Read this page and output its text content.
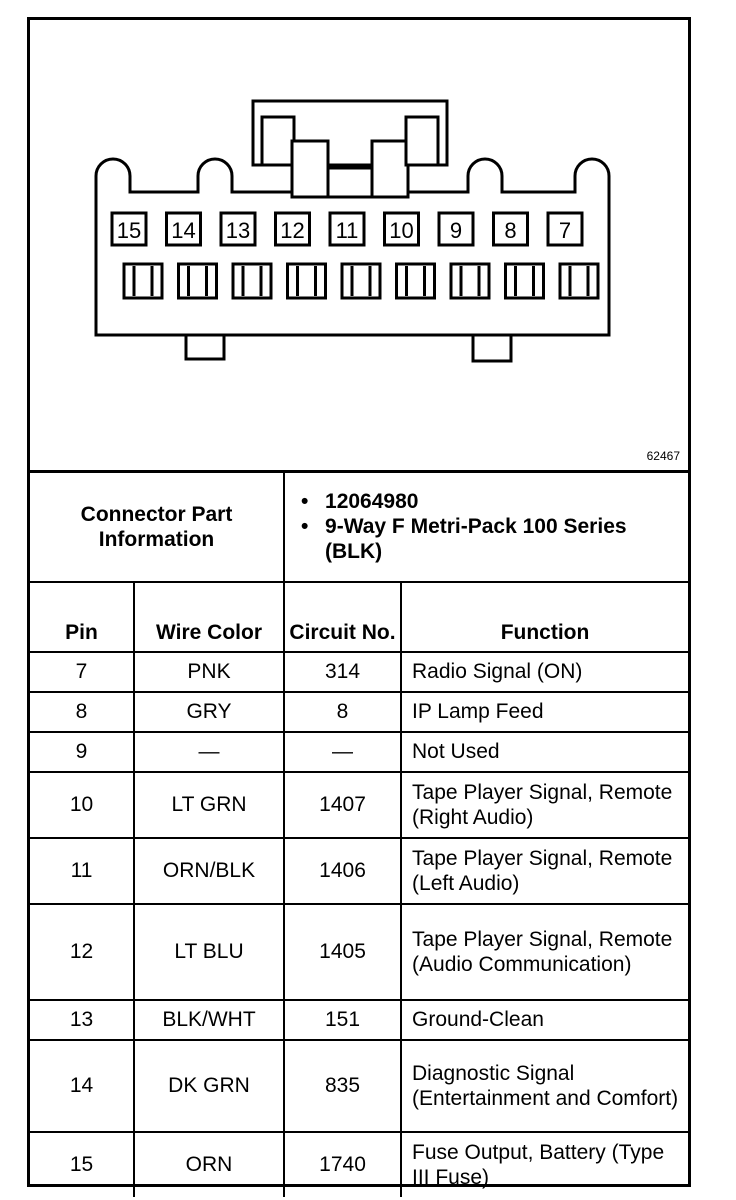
15 14 13 12 11 10 9 8 7
62467
Connector Part Information		• 12064980
• 9-Way F Metri-Pack 100 Series (BLK)	

Pin	Wire Color	Circuit No.	Function
7	PNK	314	Radio Signal (ON)
8	GRY	8	IP Lamp Feed
9	—	—	Not Used
10	LT GRN	1407	Tape Player Signal, Remote (Right Audio)
11	ORN/BLK	1406	Tape Player Signal, Remote (Left Audio)
12	LT BLU	1405	Tape Player Signal, Remote (Audio Communication)
13	BLK/WHT	151	Ground-Clean
14	DK GRN	835	Diagnostic Signal (Entertainment and Comfort)
15	ORN	1740	Fuse Output, Battery (Type III Fuse)
